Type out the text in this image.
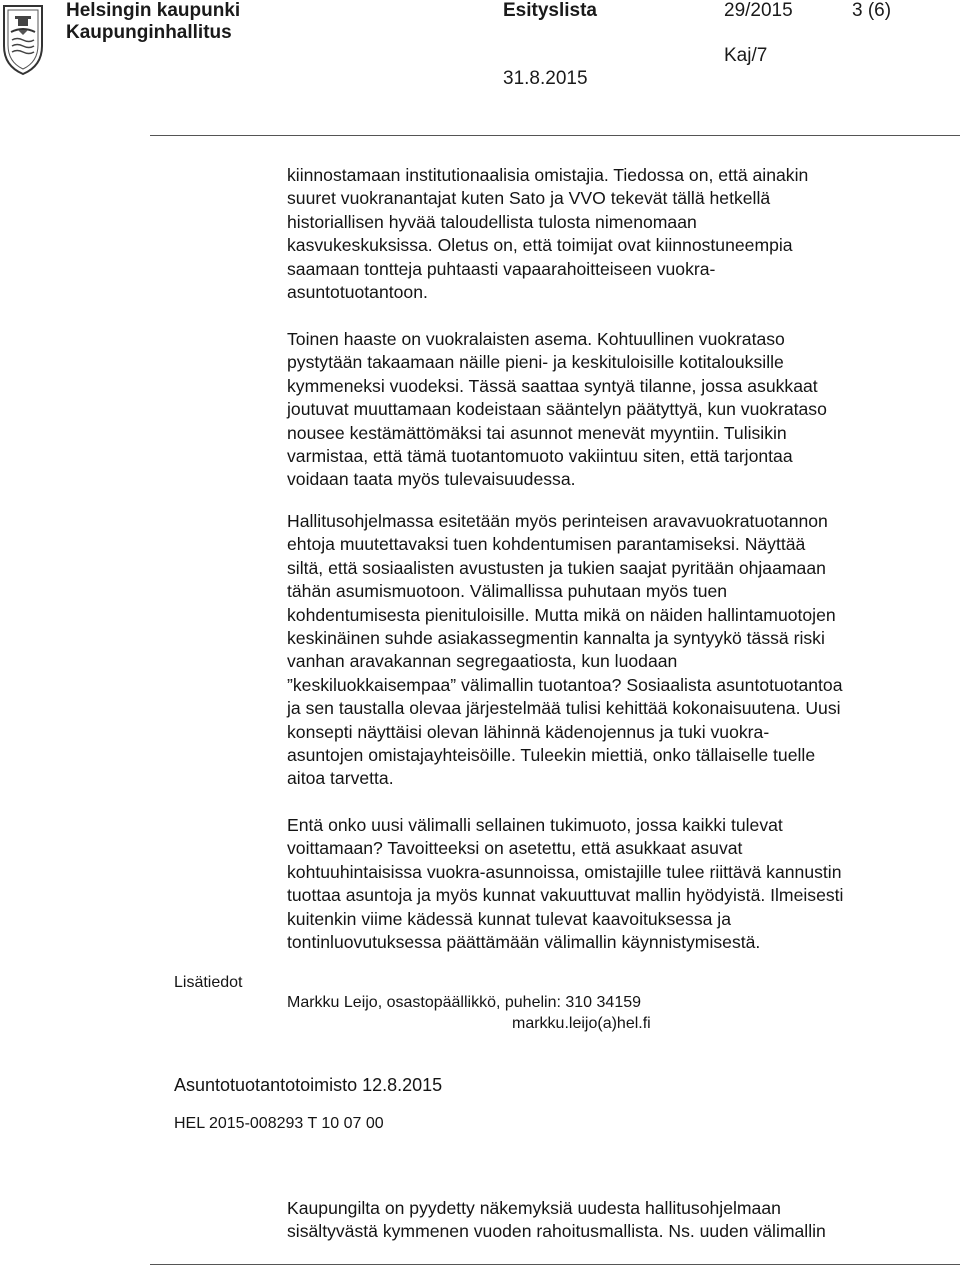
Helsingin kaupunki
Kaupunginhallitus
Esityslista	29/2015	3 (6)
Kaj/7
31.8.2015
kiinnostamaan institutionaalisia omistajia. Tiedossa on, että ainakin
suuret vuokranantajat kuten Sato ja VVO tekevät tällä hetkellä
historiallisen hyvää taloudellista tulosta nimenomaan
kasvukeskuksissa. Oletus on, että toimijat ovat kiinnostuneempia
saamaan tontteja puhtaasti vapaarahoitteiseen vuokra-
asuntotuotantoon.
Toinen haaste on vuokralaisten asema. Kohtuullinen vuokrataso
pystytään takaamaan näille pieni- ja keskituloisille kotitalouksille
kymmeneksi vuodeksi. Tässä saattaa syntyä tilanne, jossa asukkaat
joutuvat muuttamaan kodeistaan sääntelyn päätyttyä, kun vuokrataso
nousee kestämättömäksi tai asunnot menevät myyntiin. Tulisikin
varmistaa, että tämä tuotantomuoto vakiintuu siten, että tarjontaa
voidaan taata myös tulevaisuudessa.
Hallitusohjelmassa esitetään myös perinteisen aravavuokratuotannon
ehtoja muutettavaksi tuen kohdentumisen parantamiseksi. Näyttää
siltä, että sosiaalisten avustusten ja tukien saajat pyritään ohjaamaan
tähän asumismuotoon. Välimallissa puhutaan myös tuen
kohdentumisesta pienituloisille. Mutta mikä on näiden hallintamuotojen
keskinäinen suhde asiakassegmentin kannalta ja syntyykö tässä riski
vanhan aravakannan segregaatiosta, kun luodaan
”keskiluokkaisempaa” välimallin tuotantoa? Sosiaalista asuntotuotantoa
ja sen taustalla olevaa järjestelmää tulisi kehittää kokonaisuutena. Uusi
konsepti näyttäisi olevan lähinnä kädenojennus ja tuki vuokra-
asuntojen omistajayhteisöille. Tuleekin miettiä, onko tällaiselle tuelle
aitoa tarvetta.
Entä onko uusi välimalli sellainen tukimuoto, jossa kaikki tulevat
voittamaan? Tavoitteeksi on asetettu, että asukkaat asuvat
kohtuuhintaisissa vuokra-asunnoissa, omistajille tulee riittävä kannustin
tuottaa asuntoja ja myös kunnat vakuuttuvat mallin hyödyistä. Ilmeisesti
kuitenkin viime kädessä kunnat tulevat kaavoituksessa ja
tontinluovutuksessa päättämään välimallin käynnistymisestä.
Lisätiedot
Markku Leijo, osastopäällikkö, puhelin: 310 34159
markku.leijo(a)hel.fi
Asuntotuotantotoimisto 12.8.2015
HEL 2015-008293 T 10 07 00
Kaupungilta on pyydetty näkemyksiä uudesta hallitusohjelmaan
sisältyvästä kymmenen vuoden rahoitusmallista. Ns. uuden välimallin
